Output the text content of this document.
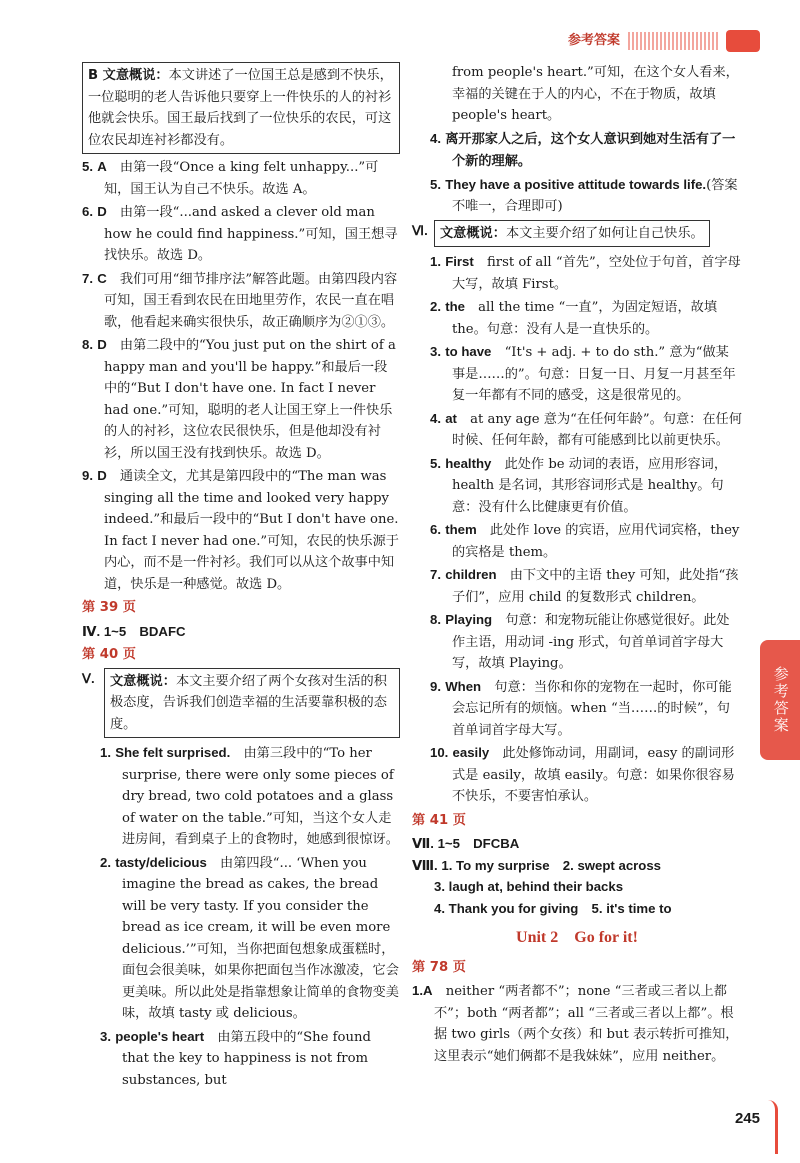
参考答案
B 文意概说：本文讲述了一位国王总是感到不快乐，一位聪明的老人告诉他只要穿上一件快乐的人的衬衫他就会快乐。国王最后找到了一位快乐的农民，可这位农民却连衬衫都没有。
5. A　 由第一段“Once a king felt unhappy...”可知，国王认为自己不快乐。故选 A。
6. D　 由第一段“...and asked a clever old man how he could find happiness.”可知，国王想寻找快乐。故选 D。
7. C　 我们可用“细节排序法”解答此题。由第四段内容可知，国王看到农民在田地里劳作，农民一直在唱歌，他看起来确实很快乐，故正确顺序为②①③。
8. D　 由第二段中的“You just put on the shirt of a happy man and you'll be happy.”和最后一段中的“But I don't have one. In fact I never had one.”可知，聪明的老人让国王穿上一件快乐的人的衬衫，这位农民很快乐，但是他却没有衬衫，所以国王没有找到快乐。故选 D。
9. D　 通读全文，尤其是第四段中的“The man was singing all the time and looked very happy indeed.”和最后一段中的“But I don't have one. In fact I never had one.”可知，农民的快乐源于内心，而不是一件衬衫。我们可以从这个故事中知道，快乐是一种感觉。故选 D。
第 39 页
Ⅳ. 1~5　BDAFC
第 40 页
Ⅴ.	文意概说：本文主要介绍了两个女孩对生活的积极态度，告诉我们创造幸福的生活要靠积极的态度。
1. She felt surprised.　 由第三段中的“To her surprise, there were only some pieces of dry bread, two cold potatoes and a glass of water on the table.”可知，当这个女人走进房间，看到桌子上的食物时，她感到很惊讶。
2. tasty/delicious　 由第四段“... ‘When you imagine the bread as cakes, the bread will be very tasty. If you consider the bread as ice cream, it will be even more delicious.’”可知，当你把面包想象成蛋糕时，面包会很美味，如果你把面包当作冰激凌，它会更美味。所以此处是指靠想象让简单的食物变美味，故填 tasty 或 delicious。
3. people's heart　 由第五段中的“She found that the key to happiness is not from substances, but
from people's heart.”可知，在这个女人看来，幸福的关键在于人的内心，不在于物质，故填 people's heart。
4. 离开那家人之后，这个女人意识到她对生活有了一个新的理解。
5. They have a positive attitude towards life.(答案不唯一，合理即可)
Ⅵ. 文意概说：本文主要介绍了如何让自己快乐。
1. First　 first of all “首先”，空处位于句首，首字母大写，故填 First。
2. the　 all the time “一直”，为固定短语，故填 the。句意：没有人是一直快乐的。
3. to have　 “It's + adj. + to do sth.” 意为“做某事是……的”。句意：日复一日、月复一月甚至年复一年都有不同的感受，这是很常见的。
4. at　 at any age 意为“在任何年龄”。句意：在任何时候、任何年龄，都有可能感到比以前更快乐。
5. healthy　 此处作 be 动词的表语，应用形容词，health 是名词，其形容词形式是 healthy。句意：没有什么比健康更有价值。
6. them　 此处作 love 的宾语，应用代词宾格，they 的宾格是 them。
7. children　 由下文中的主语 they 可知，此处指“孩子们”，应用 child 的复数形式 children。
8. Playing　 句意：和宠物玩能让你感觉很好。此处作主语，用动词 -ing 形式，句首单词首字母大写，故填 Playing。
9. When　 句意：当你和你的宠物在一起时，你可能会忘记所有的烦恼。when “当……的时候”，句首单词首字母大写。
10. easily　 此处修饰动词，用副词，easy 的副词形式是 easily，故填 easily。句意：如果你很容易不快乐，不要害怕承认。
第 41 页
Ⅶ. 1~5　DFCBA
Ⅷ. 1. To my surprise　2. swept across
3. laugh at, behind their backs
4. Thank you for giving　5. it's time to
Unit 2　Go for it!
第 78 页
1.A　 neither “两者都不”；none “三者或三者以上都不”；both “两者都”；all “三者或三者以上都”。根据 two girls（两个女孩）和 but 表示转折可推知，这里表示“她们俩都不是我妹妹”，应用 neither。
参考答案
245
